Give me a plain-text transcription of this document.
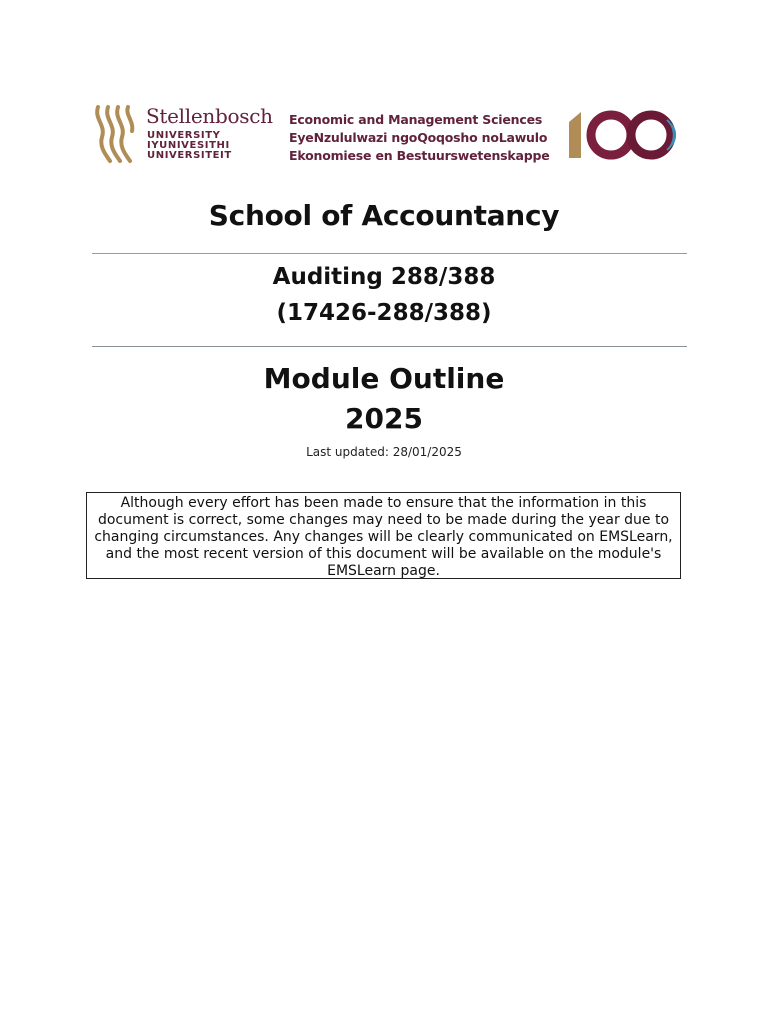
Stellenbosch
UNIVERSITY
IYUNIVESITHI
UNIVERSITEIT
Economic and Management Sciences
EyeNzululwazi ngoQoqosho noLawulo
Ekonomiese en Bestuurswetenskappe
1925	2025
School of Accountancy
Auditing 288/388
(17426-288/388)
Module Outline
2025
Last updated: 28/01/2025
Although every effort has been made to ensure that the information in this document is correct, some changes may need to be made during the year due to changing circumstances. Any changes will be clearly communicated on EMSLearn, and the most recent version of this document will be available on the module's EMSLearn page.
